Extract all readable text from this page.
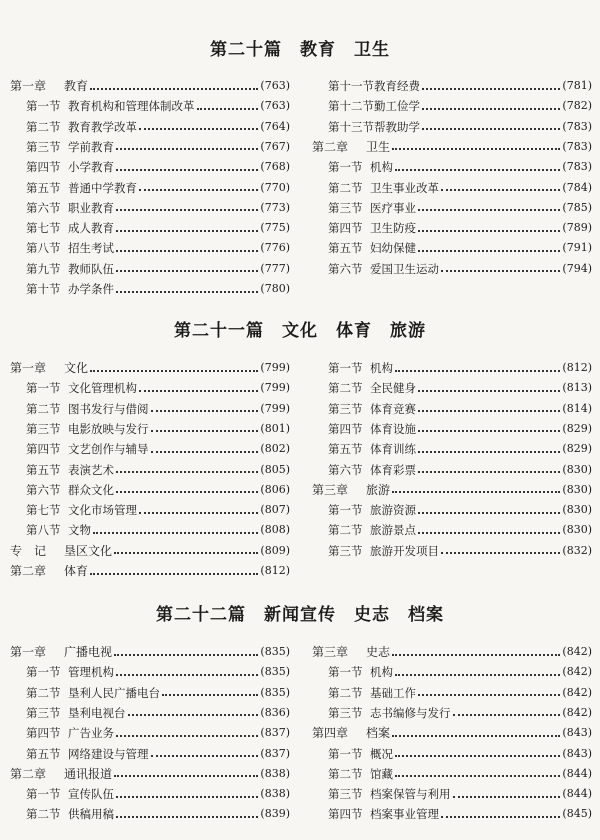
第二十篇　教育　卫生
第一章	教育	(763)
第一节 教育机构和管理体制改革	(763)
第二节 教育教学改革	(764)
第三节 学前教育	(767)
第四节 小学教育	(768)
第五节 普通中学教育	(770)
第六节 职业教育	(773)
第七节 成人教育	(775)
第八节 招生考试	(776)
第九节 教师队伍	(777)
第十节 办学条件	(780)
第十一节 教育经费	(781)
第十二节 勤工俭学	(782)
第十三节 帮教助学	(783)
第二章	卫生	(783)
第一节 机构	(783)
第二节 卫生事业改革	(784)
第三节 医疗事业	(785)
第四节 卫生防疫	(789)
第五节 妇幼保健	(791)
第六节 爱国卫生运动	(794)
第二十一篇　文化　体育　旅游
第一章	文化	(799)
第一节 文化管理机构	(799)
第二节 图书发行与借阅	(799)
第三节 电影放映与发行	(801)
第四节 文艺创作与辅导	(802)
第五节 表演艺术	(805)
第六节 群众文化	(806)
第七节 文化市场管理	(807)
第八节 文物	(808)
专　记	垦区文化	(809)
第二章	体育	(812)
第一节 机构	(812)
第二节 全民健身	(813)
第三节 体育竞赛	(814)
第四节 体育设施	(829)
第五节 体育训练	(829)
第六节 体育彩票	(830)
第三章	旅游	(830)
第一节 旅游资源	(830)
第二节 旅游景点	(830)
第三节 旅游开发项目	(832)
第二十二篇　新闻宣传　史志　档案
第一章	广播电视	(835)
第一节 管理机构	(835)
第二节 垦利人民广播电台	(835)
第三节 垦利电视台	(836)
第四节 广告业务	(837)
第五节 网络建设与管理	(837)
第二章	通讯报道	(838)
第一节 宣传队伍	(838)
第二节 供稿用稿	(839)
第三章	史志	(842)
第一节 机构	(842)
第二节 基础工作	(842)
第三节 志书编修与发行	(842)
第四章	档案	(843)
第一节 概况	(843)
第二节 馆藏	(844)
第三节 档案保管与利用	(844)
第四节 档案事业管理	(845)
